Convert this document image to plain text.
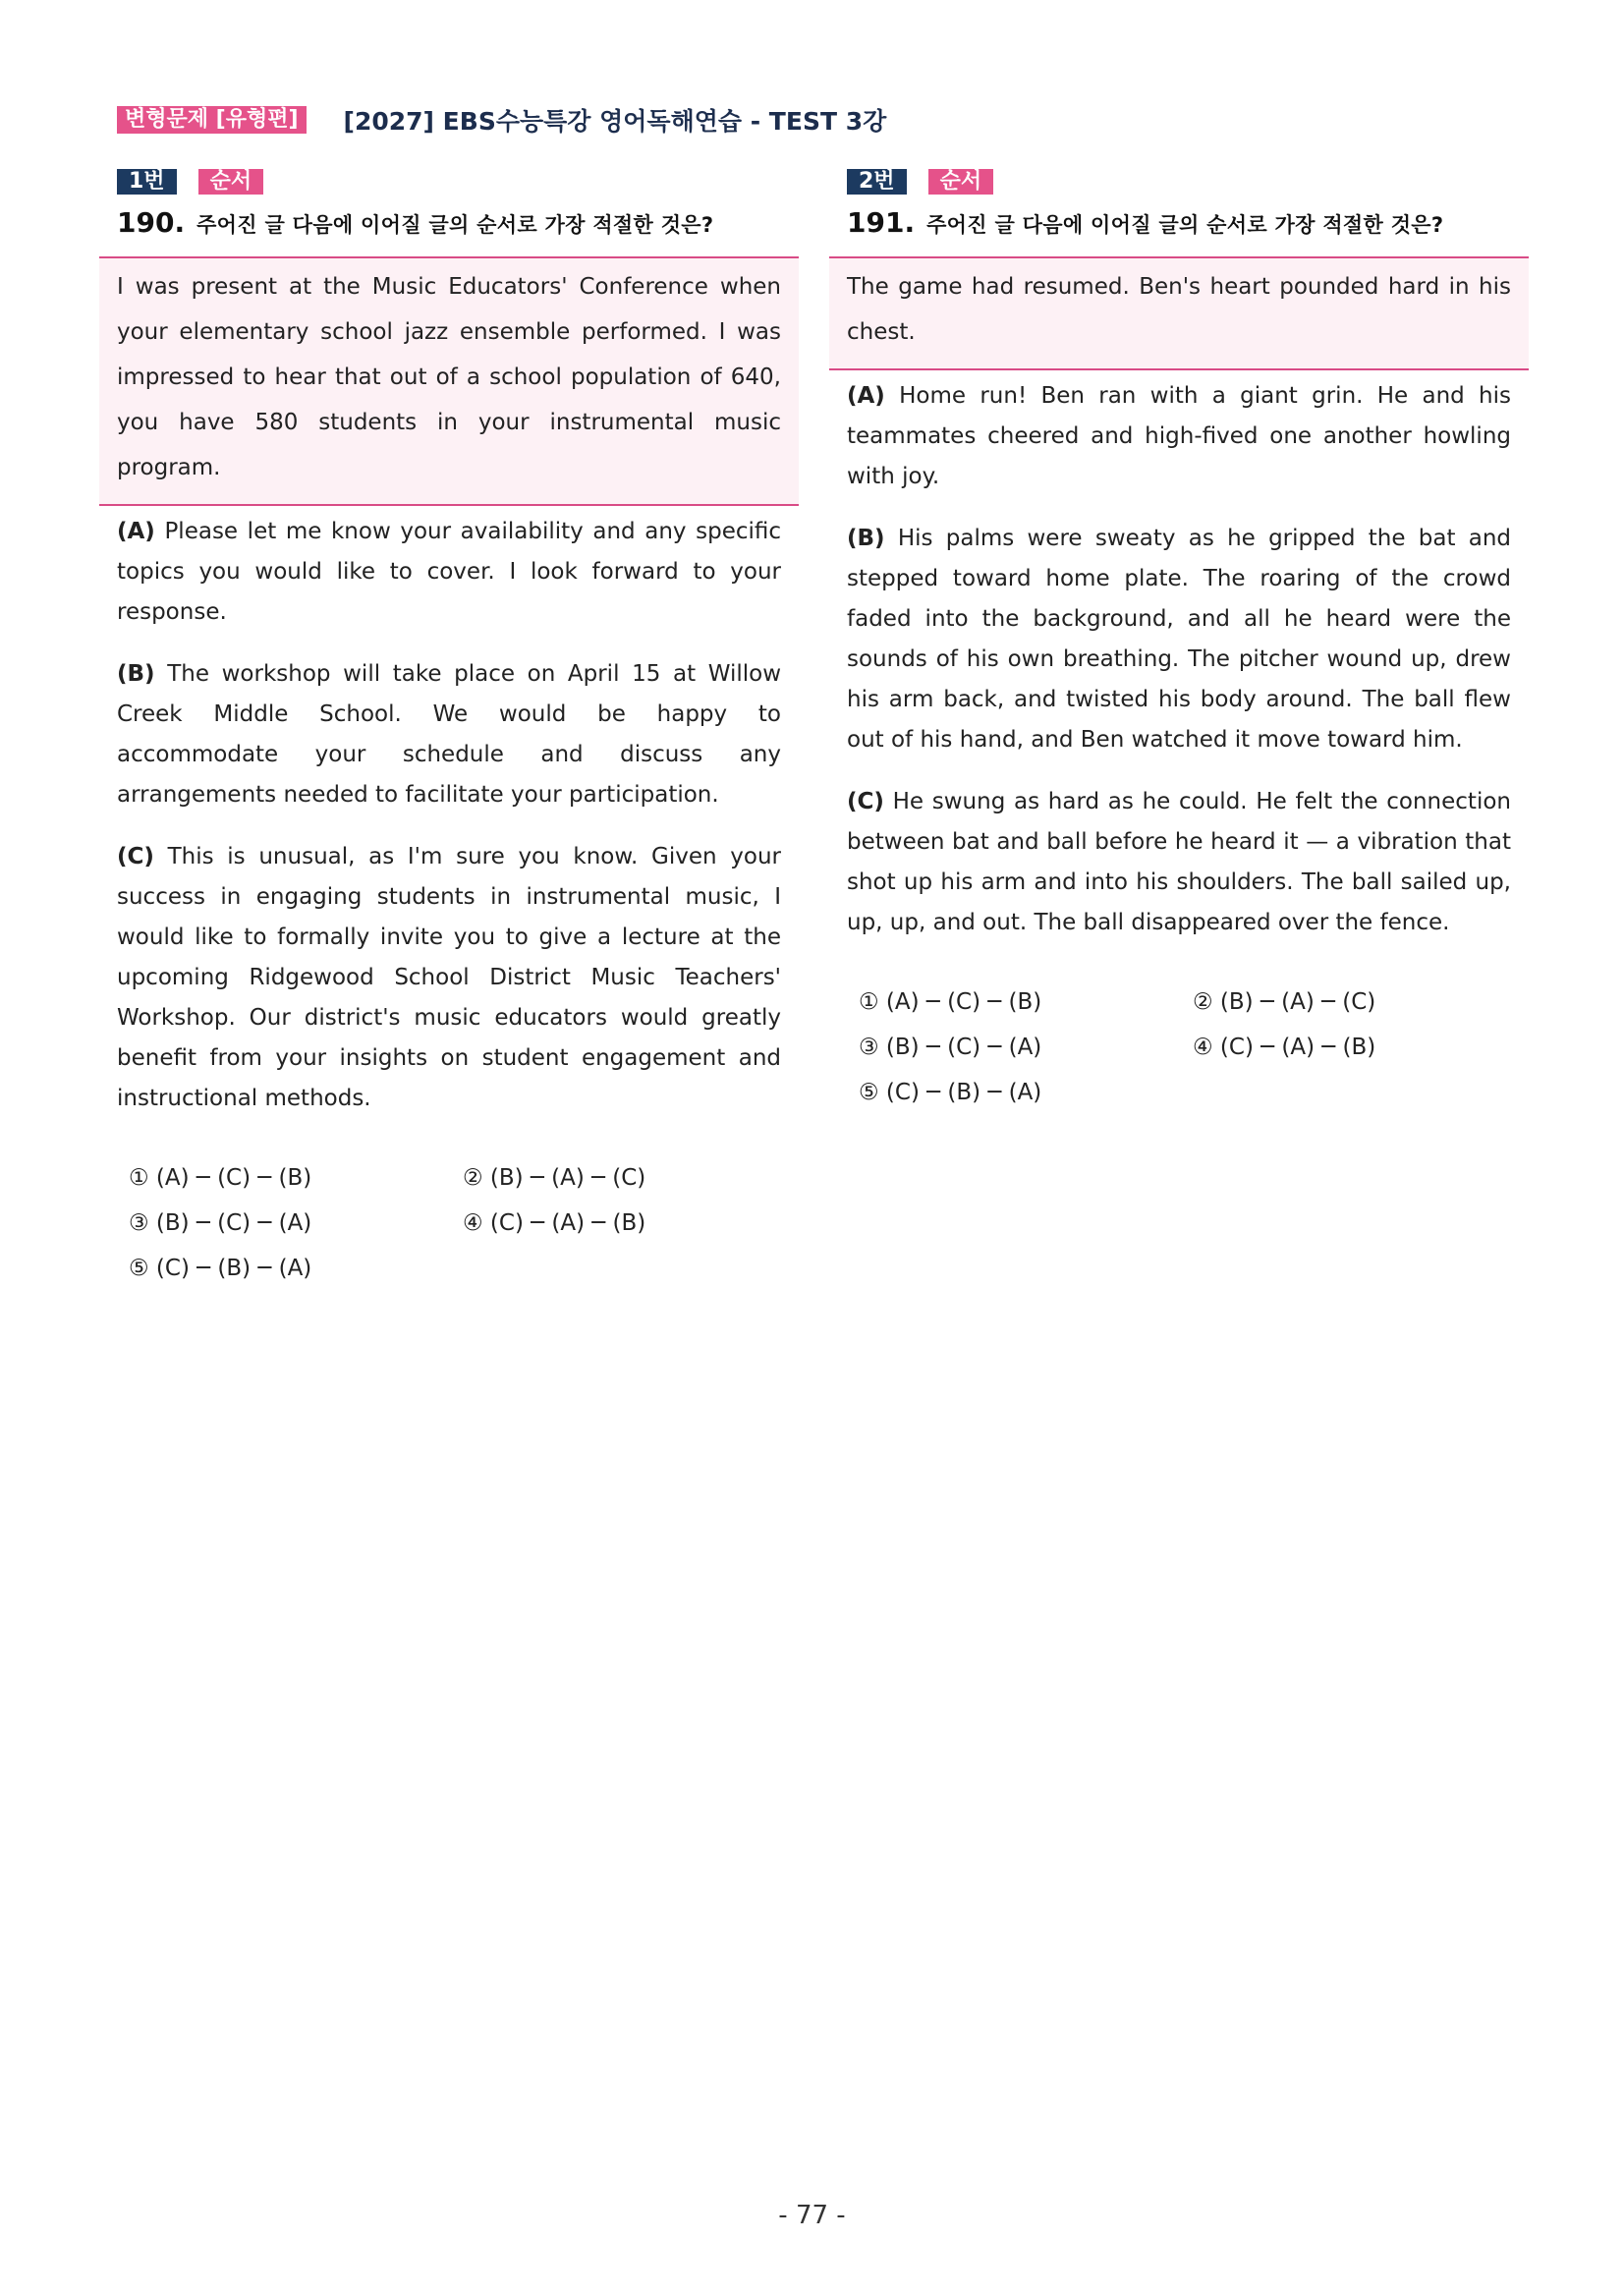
변형문제 [유형편]	[2027] EBS수능특강 영어독해연습 - TEST 3강
1번	순서
190. 주어진 글 다음에 이어질 글의 순서로 가장 적절한 것은?
I was present at the Music Educators' Conference when your elementary school jazz ensemble performed. I was impressed to hear that out of a school population of 640, you have 580 students in your instrumental music program.
(A) Please let me know your availability and any specific topics you would like to cover. I look forward to your response.
(B) The workshop will take place on April 15 at Willow Creek Middle School. We would be happy to accommodate your schedule and discuss any arrangements needed to facilitate your participation.
(C) This is unusual, as I'm sure you know. Given your success in engaging students in instrumental music, I would like to formally invite you to give a lecture at the upcoming Ridgewood School District Music Teachers' Workshop. Our district's music educators would greatly benefit from your insights on student engagement and instructional methods.
① (A) ─ (C) ─ (B)	② (B) ─ (A) ─ (C)
③ (B) ─ (C) ─ (A)	④ (C) ─ (A) ─ (B)
⑤ (C) ─ (B) ─ (A)
2번	순서
191. 주어진 글 다음에 이어질 글의 순서로 가장 적절한 것은?
The game had resumed. Ben's heart pounded hard in his chest.
(A) Home run! Ben ran with a giant grin. He and his teammates cheered and high-fived one another howling with joy.
(B) His palms were sweaty as he gripped the bat and stepped toward home plate. The roaring of the crowd faded into the background, and all he heard were the sounds of his own breathing. The pitcher wound up, drew his arm back, and twisted his body around. The ball flew out of his hand, and Ben watched it move toward him.
(C) He swung as hard as he could. He felt the connection between bat and ball before he heard it — a vibration that shot up his arm and into his shoulders. The ball sailed up, up, up, and out. The ball disappeared over the fence.
① (A) ─ (C) ─ (B)	② (B) ─ (A) ─ (C)
③ (B) ─ (C) ─ (A)	④ (C) ─ (A) ─ (B)
⑤ (C) ─ (B) ─ (A)
- 77 -
